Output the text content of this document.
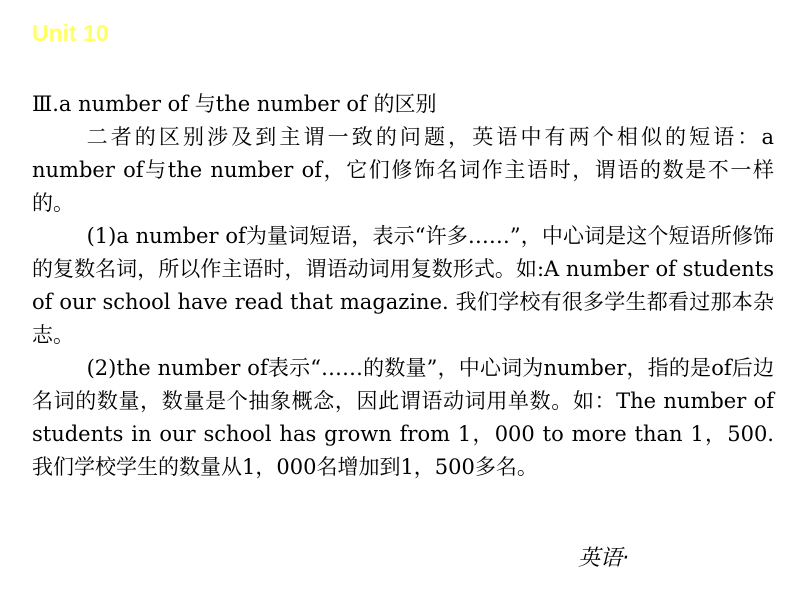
Unit 10

Ⅲ.a number of 与the number of 的区别

二者的区别涉及到主谓一致的问题，英语中有两个相似的短语：a number of与the number of，它们修饰名词作主语时，谓语的数是不一样的。

(1)a number of为量词短语，表示“许多……”，中心词是这个短语所修饰的复数名词，所以作主语时，谓语动词用复数形式。如:A number of students of our school have read that magazine. 我们学校有很多学生都看过那本杂志。

(2)the number of表示“……的数量”，中心词为number，指的是of后边名词的数量，数量是个抽象概念，因此谓语动词用单数。如：The number of students in our school has grown from 1，000 to more than 1，500. 我们学校学生的数量从1，000名增加到1，500多名。

英语·
